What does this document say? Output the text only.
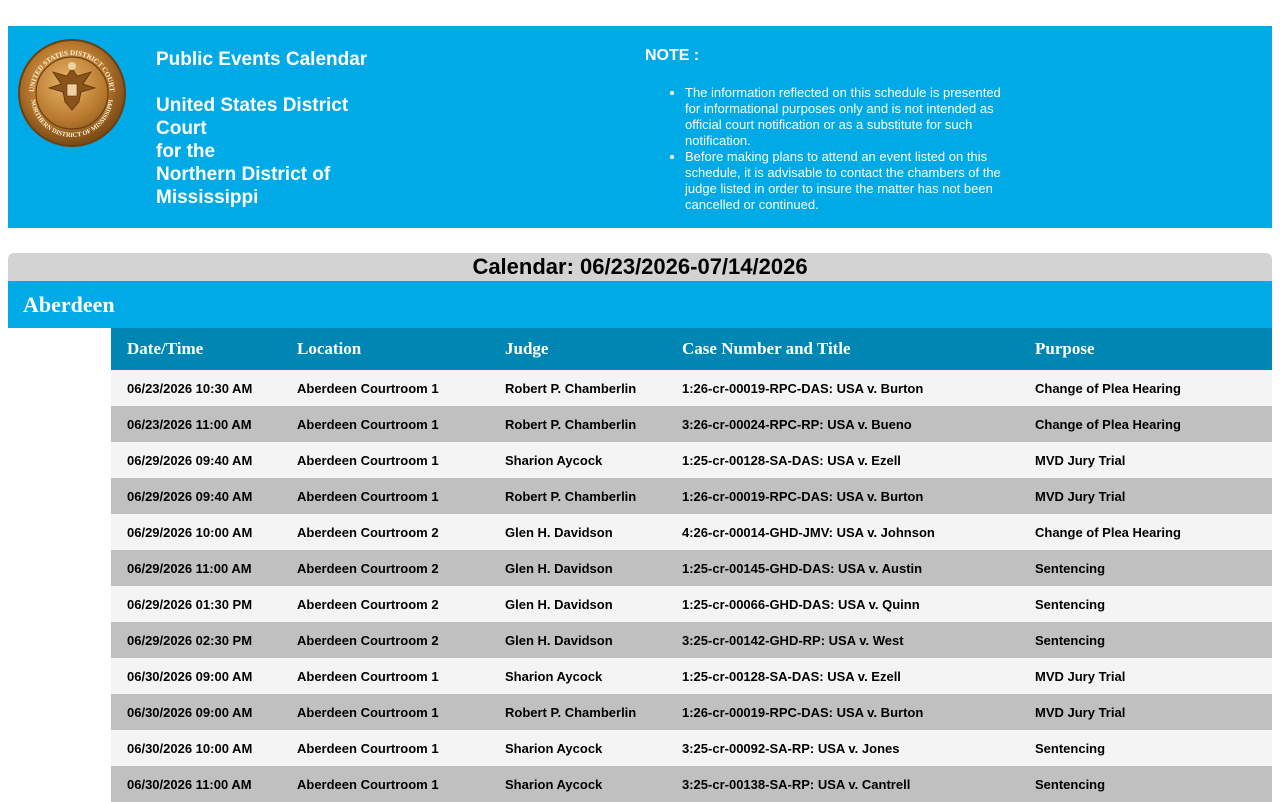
UNITED STATES DISTRICT COURT
NORTHERN DISTRICT OF MISSISSIPPI

Public Events Calendar

United States District

Court

for the

Northern District of

Mississippi

NOTE :

• The information reflected on this schedule is presented for informational purposes only and is not intended as official court notification or as a substitute for such notification.
• Before making plans to attend an event listed on this schedule, it is advisable to contact the chambers of the judge listed in order to insure the matter has not been cancelled or continued.
Calendar: 06/23/2026-07/14/2026
Aberdeen
Date/Time	Location	Judge	Case Number and Title	Purpose
06/23/2026 10:30 AM	Aberdeen Courtroom 1	Robert P. Chamberlin	1:26-cr-00019-RPC-DAS: USA v. Burton	Change of Plea Hearing
06/23/2026 11:00 AM	Aberdeen Courtroom 1	Robert P. Chamberlin	3:26-cr-00024-RPC-RP: USA v. Bueno	Change of Plea Hearing
06/29/2026 09:40 AM	Aberdeen Courtroom 1	Sharion Aycock	1:25-cr-00128-SA-DAS: USA v. Ezell	MVD Jury Trial
06/29/2026 09:40 AM	Aberdeen Courtroom 1	Robert P. Chamberlin	1:26-cr-00019-RPC-DAS: USA v. Burton	MVD Jury Trial
06/29/2026 10:00 AM	Aberdeen Courtroom 2	Glen H. Davidson	4:26-cr-00014-GHD-JMV: USA v. Johnson	Change of Plea Hearing
06/29/2026 11:00 AM	Aberdeen Courtroom 2	Glen H. Davidson	1:25-cr-00145-GHD-DAS: USA v. Austin	Sentencing
06/29/2026 01:30 PM	Aberdeen Courtroom 2	Glen H. Davidson	1:25-cr-00066-GHD-DAS: USA v. Quinn	Sentencing
06/29/2026 02:30 PM	Aberdeen Courtroom 2	Glen H. Davidson	3:25-cr-00142-GHD-RP: USA v. West	Sentencing
06/30/2026 09:00 AM	Aberdeen Courtroom 1	Sharion Aycock	1:25-cr-00128-SA-DAS: USA v. Ezell	MVD Jury Trial
06/30/2026 09:00 AM	Aberdeen Courtroom 1	Robert P. Chamberlin	1:26-cr-00019-RPC-DAS: USA v. Burton	MVD Jury Trial
06/30/2026 10:00 AM	Aberdeen Courtroom 1	Sharion Aycock	3:25-cr-00092-SA-RP: USA v. Jones	Sentencing
06/30/2026 11:00 AM	Aberdeen Courtroom 1	Sharion Aycock	3:25-cr-00138-SA-RP: USA v. Cantrell	Sentencing
